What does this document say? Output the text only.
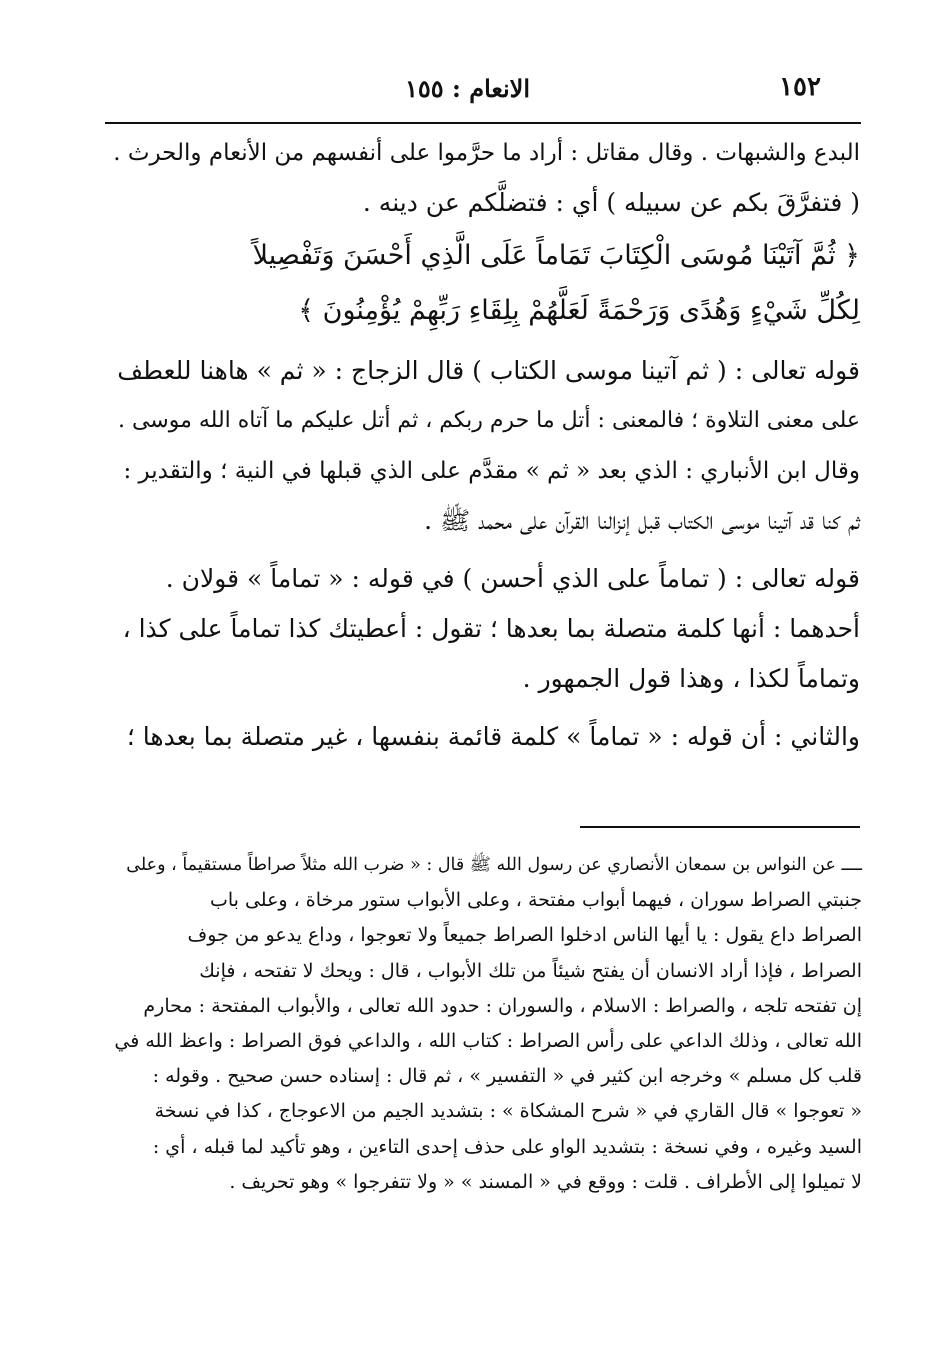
١٥٢
الانعام : ١٥٥
البدع والشبهات . وقال مقاتل : أراد ما حرَّموا على أنفسهم من الأنعام والحرث .
( فتفرَّقَ بكم عن سبيله ) أي : فتضلَّكم عن دينه .
﴿ ثُمَّ آتَيْنَا مُوسَى الْكِتَابَ تَمَاماً عَلَى الَّذِي أَحْسَنَ وَتَفْصِيلاً
لِكُلِّ شَيْءٍ وَهُدًى وَرَحْمَةً لَعَلَّهُمْ بِلِقَاءِ رَبِّهِمْ يُؤْمِنُونَ ﴾
قوله تعالى : ( ثم آتينا موسى الكتاب ) قال الزجاج : « ثم » هاهنا للعطف
على معنى التلاوة ؛ فالمعنى : أتل ما حرم ربكم ، ثم أتل عليكم ما آتاه الله موسى .
وقال ابن الأنباري : الذي بعد « ثم » مقدَّم على الذي قبلها في النية ؛ والتقدير :
ثم كنا قد آتينا موسى الكتاب قبل إنزالنا القرآن على محمد ﷺ .
قوله تعالى : ( تماماً على الذي أحسن ) في قوله : « تماماً » قولان .
أحدهما : أنها كلمة متصلة بما بعدها ؛ تقول : أعطيتك كذا تماماً على كذا ،
وتماماً لكذا ، وهذا قول الجمهور .
والثاني : أن قوله : « تماماً » كلمة قائمة بنفسها ، غير متصلة بما بعدها ؛
ــــ عن النواس بن سمعان الأنصاري عن رسول الله ﷺ قال : « ضرب الله مثلاً صراطاً مستقيماً ، وعلى
جنبتي الصراط سوران ، فيهما أبواب مفتحة ، وعلى الأبواب ستور مرخاة ، وعلى باب
الصراط داع يقول : يا أيها الناس ادخلوا الصراط جميعاً ولا تعوجوا ، وداع يدعو من جوف
الصراط ، فإذا أراد الانسان أن يفتح شيئاً من تلك الأبواب ، قال : ويحك لا تفتحه ، فإنك
إن تفتحه تلجه ، والصراط : الاسلام ، والسوران : حدود الله تعالى ، والأبواب المفتحة : محارم
الله تعالى ، وذلك الداعي على رأس الصراط : كتاب الله ، والداعي فوق الصراط : واعظ الله في
قلب كل مسلم » وخرجه ابن كثير في « التفسير » ، ثم قال : إسناده حسن صحيح . وقوله :
« تعوجوا » قال القاري في « شرح المشكاة » : بتشديد الجيم من الاعوجاج ، كذا في نسخة
السيد وغيره ، وفي نسخة : بتشديد الواو على حذف إحدى التاءين ، وهو تأكيد لما قبله ، أي :
لا تميلوا إلى الأطراف . قلت : ووقع في « المسند » « ولا تتفرجوا » وهو تحريف .
